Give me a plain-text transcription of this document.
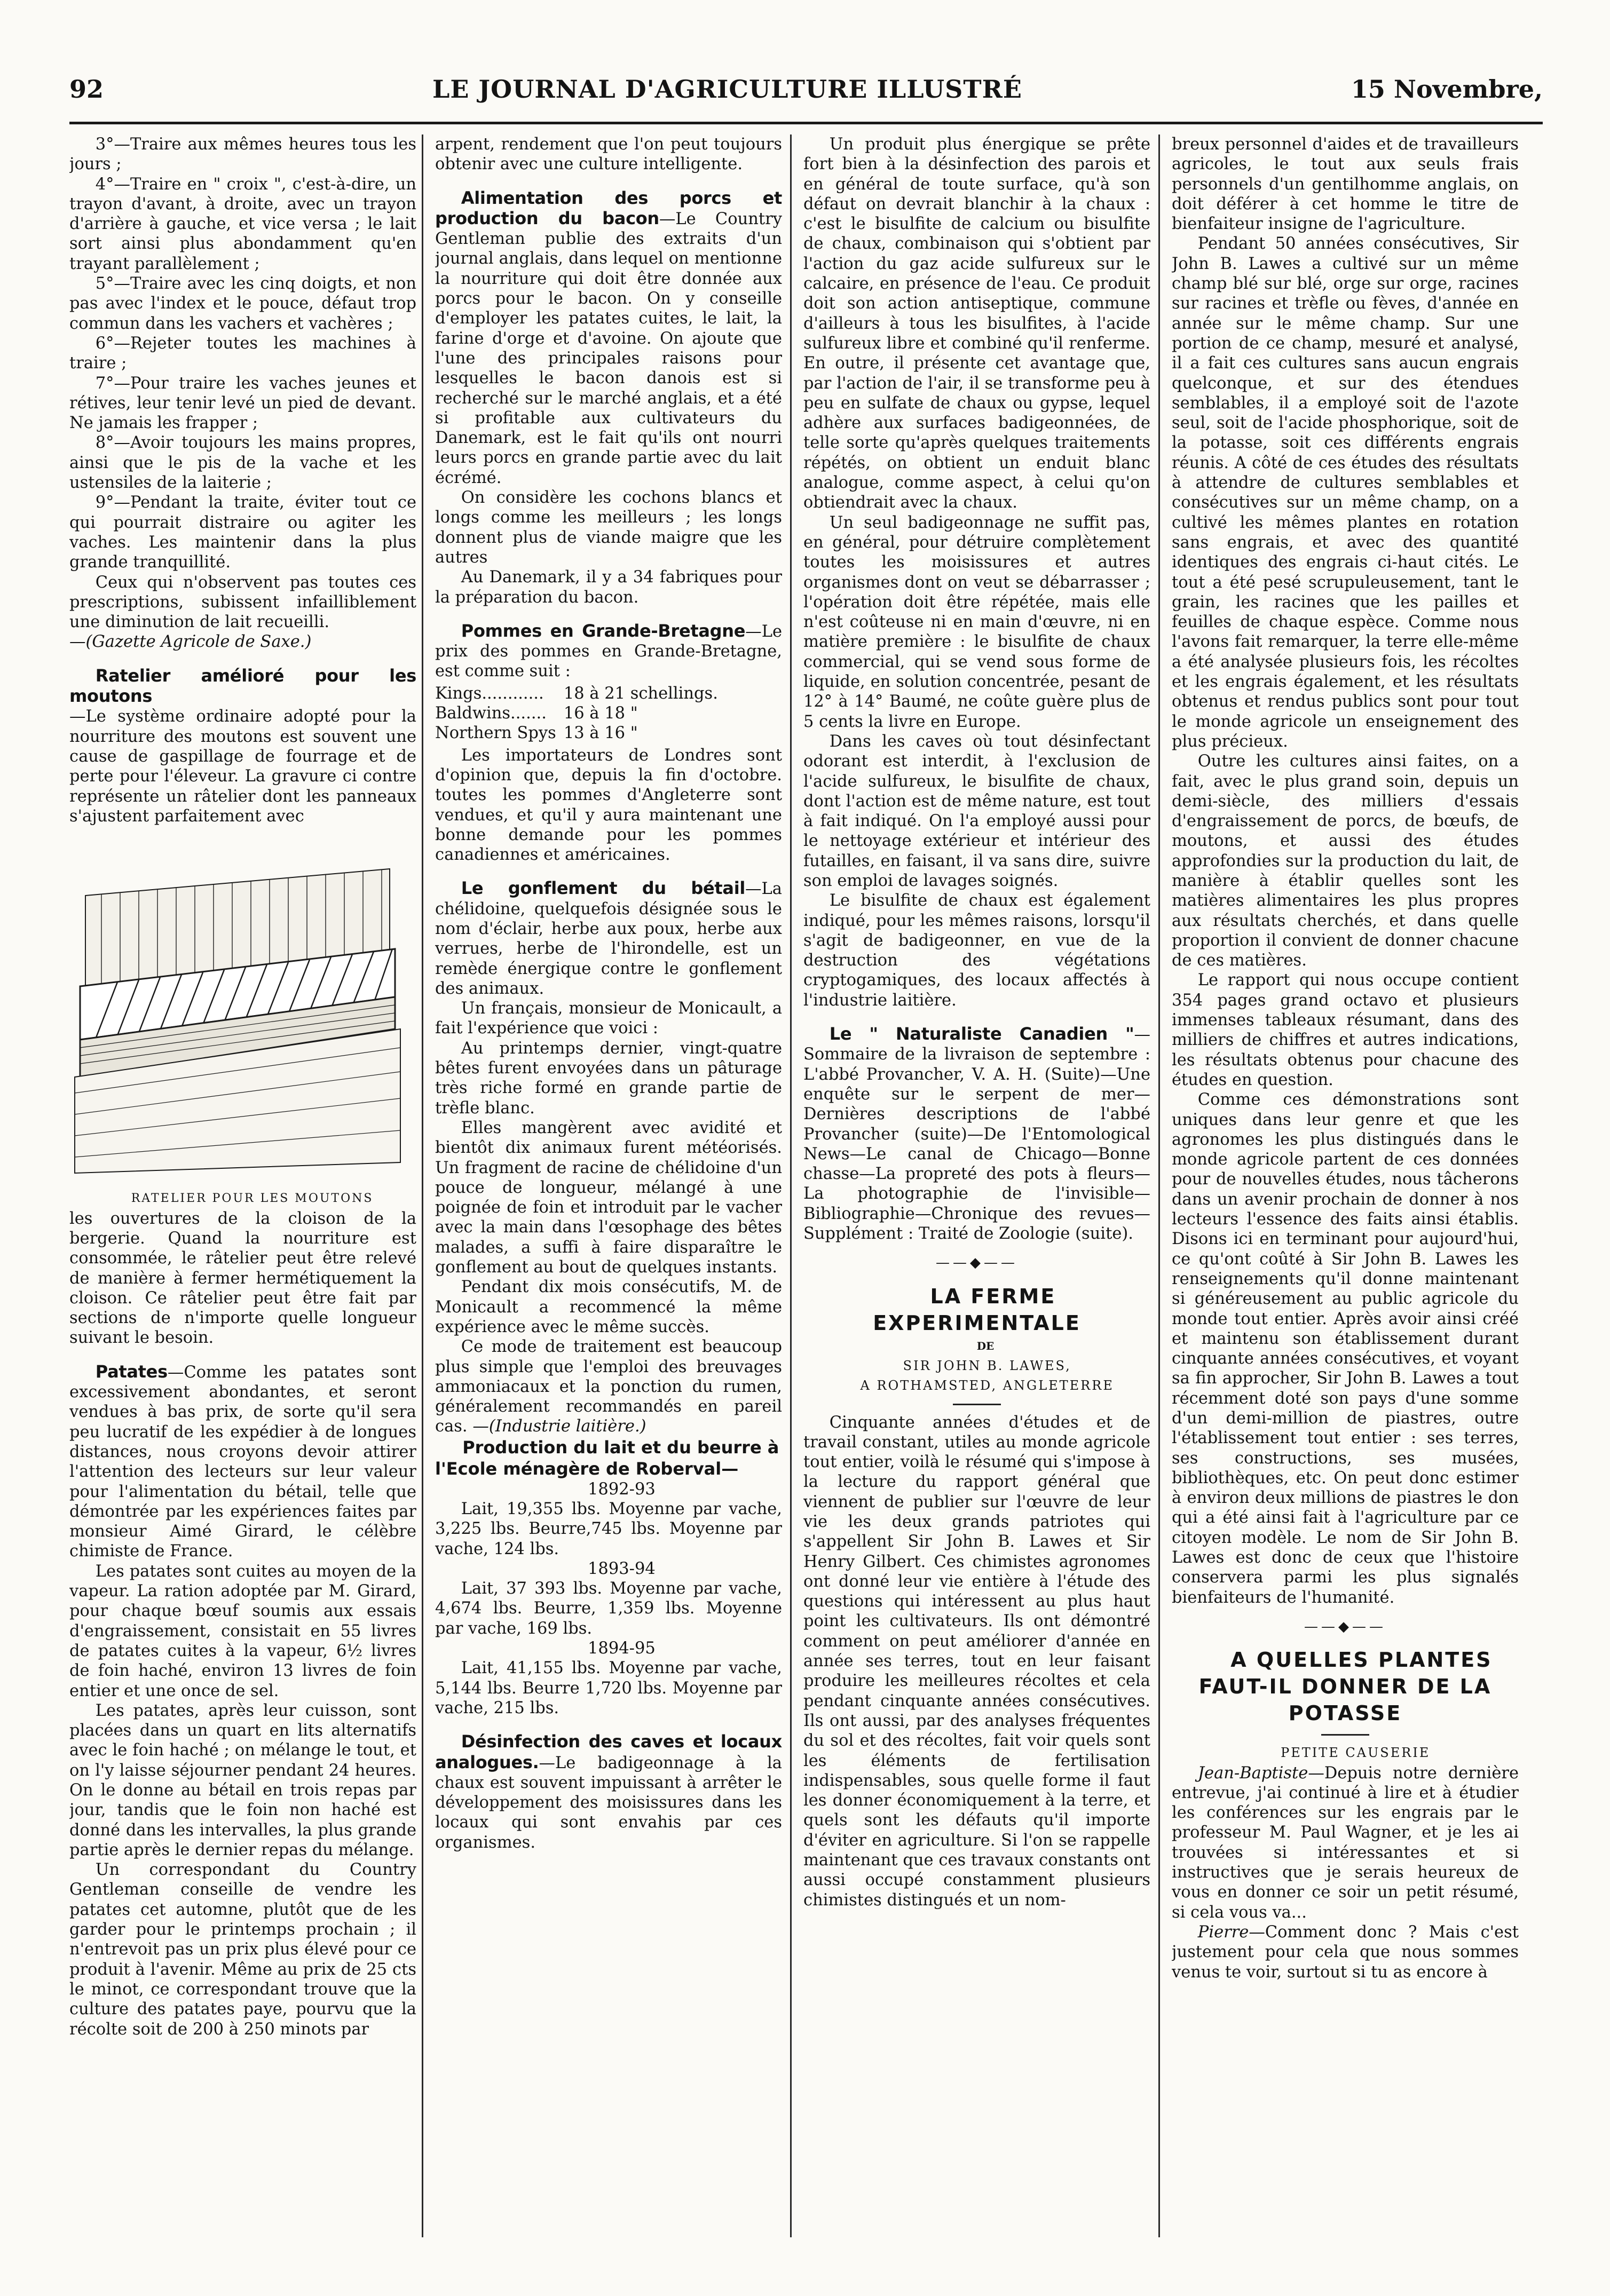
92	LE JOURNAL D'AGRICULTURE ILLUSTRÉ	15 Novembre,

3°—Traire aux mêmes heures tous les jours ;

4°—Traire en " croix ", c'est-à-dire, un trayon d'avant, à droite, avec un trayon d'arrière à gauche, et vice versa ; le lait sort ainsi plus abondamment qu'en trayant parallèlement ;

5°—Traire avec les cinq doigts, et non pas avec l'index et le pouce, défaut trop commun dans les vachers et vachères ;

6°—Rejeter toutes les machines à traire ;

7°—Pour traire les vaches jeunes et rétives, leur tenir levé un pied de devant. Ne jamais les frapper ;

8°—Avoir toujours les mains propres, ainsi que le pis de la vache et les ustensiles de la laiterie ;

9°—Pendant la traite, éviter tout ce qui pourrait distraire ou agiter les vaches. Les maintenir dans la plus grande tranquillité.

Ceux qui n'observent pas toutes ces prescriptions, subissent infailliblement une diminution de lait recueilli.

—(Gazette Agricole de Saxe.)

Ratelier amélioré pour les moutons

—Le système ordinaire adopté pour la nourriture des moutons est souvent une cause de gaspillage de fourrage et de perte pour l'éleveur. La gravure ci contre représente un râtelier dont les panneaux s'ajustent parfaitement avec

RATELIER POUR LES MOUTONS

les ouvertures de la cloison de la bergerie. Quand la nourriture est consommée, le râtelier peut être relevé de manière à fermer hermétiquement la cloison. Ce râtelier peut être fait par sections de n'importe quelle longueur suivant le besoin.

Patates—Comme les patates sont excessivement abondantes, et seront vendues à bas prix, de sorte qu'il sera peu lucratif de les expédier à de longues distances, nous croyons devoir attirer l'attention des lecteurs sur leur valeur pour l'alimentation du bétail, telle que démontrée par les expériences faites par monsieur Aimé Girard, le célèbre chimiste de France.

Les patates sont cuites au moyen de la vapeur. La ration adoptée par M. Girard, pour chaque bœuf soumis aux essais d'engraissement, consistait en 55 livres de patates cuites à la vapeur, 6½ livres de foin haché, environ 13 livres de foin entier et une once de sel.

Les patates, après leur cuisson, sont placées dans un quart en lits alternatifs avec le foin haché ; on mélange le tout, et on l'y laisse séjourner pendant 24 heures. On le donne au bétail en trois repas par jour, tandis que le foin non haché est donné dans les intervalles, la plus grande partie après le dernier repas du mélange.

Un correspondant du Country Gentleman conseille de vendre les patates cet automne, plutôt que de les garder pour le printemps prochain ; il n'entrevoit pas un prix plus élevé pour ce produit à l'avenir. Même au prix de 25 cts le minot, ce correspondant trouve que la culture des patates paye, pourvu que la récolte soit de 200 à 250 minots par

arpent, rendement que l'on peut toujours obtenir avec une culture intelligente.

Alimentation des porcs et production du bacon—Le Country Gentleman publie des extraits d'un journal anglais, dans lequel on mentionne la nourriture qui doit être donnée aux porcs pour le bacon. On y conseille d'employer les patates cuites, le lait, la farine d'orge et d'avoine. On ajoute que l'une des principales raisons pour lesquelles le bacon danois est si recherché sur le marché anglais, et a été si profitable aux cultivateurs du Danemark, est le fait qu'ils ont nourri leurs porcs en grande partie avec du lait écrémé.

On considère les cochons blancs et longs comme les meilleurs ; les longs donnent plus de viande maigre que les autres

Au Danemark, il y a 34 fabriques pour la préparation du bacon.

Pommes en Grande-Bretagne—Le prix des pommes en Grande-Bretagne, est comme suit :

Kings............	18 à 21 schellings.
Baldwins.......	16 à 18 "
Northern Spys	13 à 16 "

Les importateurs de Londres sont d'opinion que, depuis la fin d'octobre. toutes les pommes d'Angleterre sont vendues, et qu'il y aura maintenant une bonne demande pour les pommes canadiennes et américaines.

Le gonflement du bétail—La chélidoine, quelquefois désignée sous le nom d'éclair, herbe aux poux, herbe aux verrues, herbe de l'hirondelle, est un remède énergique contre le gonflement des animaux.

Un français, monsieur de Monicault, a fait l'expérience que voici :

Au printemps dernier, vingt-quatre bêtes furent envoyées dans un pâturage très riche formé en grande partie de trèfle blanc.

Elles mangèrent avec avidité et bientôt dix animaux furent météorisés. Un fragment de racine de chélidoine d'un pouce de longueur, mélangé à une poignée de foin et introduit par le vacher avec la main dans l'œsophage des bêtes malades, a suffi à faire disparaître le gonflement au bout de quelques instants.

Pendant dix mois consécutifs, M. de Monicault a recommencé la même expérience avec le même succès.

Ce mode de traitement est beaucoup plus simple que l'emploi des breuvages ammoniacaux et la ponction du rumen, généralement recommandés en pareil cas. —(Industrie laitière.)

Production du lait et du beurre à l'Ecole ménagère de Roberval—

1892-93

Lait, 19,355 lbs. Moyenne par vache, 3,225 lbs. Beurre,745 lbs. Moyenne par vache, 124 lbs.

1893-94

Lait, 37 393 lbs. Moyenne par vache, 4,674 lbs. Beurre, 1,359 lbs. Moyenne par vache, 169 lbs.

1894-95

Lait, 41,155 lbs. Moyenne par vache, 5,144 lbs. Beurre 1,720 lbs. Moyenne par vache, 215 lbs.

Désinfection des caves et locaux analogues.—Le badigeonnage à la chaux est souvent impuissant à arrêter le développement des moisissures dans les locaux qui sont envahis par ces organismes.

Un produit plus énergique se prête fort bien à la désinfection des parois et en général de toute surface, qu'à son défaut on devrait blanchir à la chaux : c'est le bisulfite de calcium ou bisulfite de chaux, combinaison qui s'obtient par l'action du gaz acide sulfureux sur le calcaire, en présence de l'eau. Ce produit doit son action antiseptique, commune d'ailleurs à tous les bisulfites, à l'acide sulfureux libre et combiné qu'il renferme. En outre, il présente cet avantage que, par l'action de l'air, il se transforme peu à peu en sulfate de chaux ou gypse, lequel adhère aux surfaces badigeonnées, de telle sorte qu'après quelques traitements répétés, on obtient un enduit blanc analogue, comme aspect, à celui qu'on obtiendrait avec la chaux.

Un seul badigeonnage ne suffit pas, en général, pour détruire complètement toutes les moisissures et autres organismes dont on veut se débarrasser ; l'opération doit être répétée, mais elle n'est coûteuse ni en main d'œuvre, ni en matière première : le bisulfite de chaux commercial, qui se vend sous forme de liquide, en solution concentrée, pesant de 12° à 14° Baumé, ne coûte guère plus de 5 cents la livre en Europe.

Dans les caves où tout désinfectant odorant est interdit, à l'exclusion de l'acide sulfureux, le bisulfite de chaux, dont l'action est de même nature, est tout à fait indiqué. On l'a employé aussi pour le nettoyage extérieur et intérieur des futailles, en faisant, il va sans dire, suivre son emploi de lavages soignés.

Le bisulfite de chaux est également indiqué, pour les mêmes raisons, lorsqu'il s'agit de badigeonner, en vue de la destruction des végétations cryptogamiques, des locaux affectés à l'industrie laitière.

Le " Naturaliste Canadien "—Sommaire de la livraison de septembre : L'abbé Provancher, V. A. H. (Suite)—Une enquête sur le serpent de mer—Dernières descriptions de l'abbé Provancher (suite)—De l'Entomological News—Le canal de Chicago—Bonne chasse—La propreté des pots à fleurs—La photographie de l'invisible—Bibliographie—Chronique des revues—Supplément : Traité de Zoologie (suite).

——◆——

LA FERME EXPERIMENTALE

DE

SIR JOHN B. LAWES,

A ROTHAMSTED, ANGLETERRE

Cinquante années d'études et de travail constant, utiles au monde agricole tout entier, voilà le résumé qui s'impose à la lecture du rapport général que viennent de publier sur l'œuvre de leur vie les deux grands patriotes qui s'appellent Sir John B. Lawes et Sir Henry Gilbert. Ces chimistes agronomes ont donné leur vie entière à l'étude des questions qui intéressent au plus haut point les cultivateurs. Ils ont démontré comment on peut améliorer d'année en année ses terres, tout en leur faisant produire les meilleures récoltes et cela pendant cinquante années consécutives. Ils ont aussi, par des analyses fréquentes du sol et des récoltes, fait voir quels sont les éléments de fertilisation indispensables, sous quelle forme il faut les donner économiquement à la terre, et quels sont les défauts qu'il importe d'éviter en agriculture. Si l'on se rappelle maintenant que ces travaux constants ont aussi occupé constamment plusieurs chimistes distingués et un nom-

breux personnel d'aides et de travailleurs agricoles, le tout aux seuls frais personnels d'un gentilhomme anglais, on doit déférer à cet homme le titre de bienfaiteur insigne de l'agriculture.

Pendant 50 années consécutives, Sir John B. Lawes a cultivé sur un même champ blé sur blé, orge sur orge, racines sur racines et trèfle ou fèves, d'année en année sur le même champ. Sur une portion de ce champ, mesuré et analysé, il a fait ces cultures sans aucun engrais quelconque, et sur des étendues semblables, il a employé soit de l'azote seul, soit de l'acide phosphorique, soit de la potasse, soit ces différents engrais réunis. A côté de ces études des résultats à attendre de cultures semblables et consécutives sur un même champ, on a cultivé les mêmes plantes en rotation sans engrais, et avec des quantité identiques des engrais ci-haut cités. Le tout a été pesé scrupuleusement, tant le grain, les racines que les pailles et feuilles de chaque espèce. Comme nous l'avons fait remarquer, la terre elle-même a été analysée plusieurs fois, les récoltes et les engrais également, et les résultats obtenus et rendus publics sont pour tout le monde agricole un enseignement des plus précieux.

Outre les cultures ainsi faites, on a fait, avec le plus grand soin, depuis un demi-siècle, des milliers d'essais d'engraissement de porcs, de bœufs, de moutons, et aussi des études approfondies sur la production du lait, de manière à établir quelles sont les matières alimentaires les plus propres aux résultats cherchés, et dans quelle proportion il convient de donner chacune de ces matières.

Le rapport qui nous occupe contient 354 pages grand octavo et plusieurs immenses tableaux résumant, dans des milliers de chiffres et autres indications, les résultats obtenus pour chacune des études en question.

Comme ces démonstrations sont uniques dans leur genre et que les agronomes les plus distingués dans le monde agricole partent de ces données pour de nouvelles études, nous tâcherons dans un avenir prochain de donner à nos lecteurs l'essence des faits ainsi établis. Disons ici en terminant pour aujourd'hui, ce qu'ont coûté à Sir John B. Lawes les renseignements qu'il donne maintenant si généreusement au public agricole du monde tout entier. Après avoir ainsi créé et maintenu son établissement durant cinquante années consécutives, et voyant sa fin approcher, Sir John B. Lawes a tout récemment doté son pays d'une somme d'un demi-million de piastres, outre l'établissement tout entier : ses terres, ses constructions, ses musées, bibliothèques, etc. On peut donc estimer à environ deux millions de piastres le don qui a été ainsi fait à l'agriculture par ce citoyen modèle. Le nom de Sir John B. Lawes est donc de ceux que l'histoire conservera parmi les plus signalés bienfaiteurs de l'humanité.

——◆——

A QUELLES PLANTES FAUT-IL DONNER DE LA POTASSE

PETITE CAUSERIE

Jean-Baptiste—Depuis notre dernière entrevue, j'ai continué à lire et à étudier les conférences sur les engrais par le professeur M. Paul Wagner, et je les ai trouvées si intéressantes et si instructives que je serais heureux de vous en donner ce soir un petit résumé, si cela vous va...

Pierre—Comment donc ? Mais c'est justement pour cela que nous sommes venus te voir, surtout si tu as encore à
